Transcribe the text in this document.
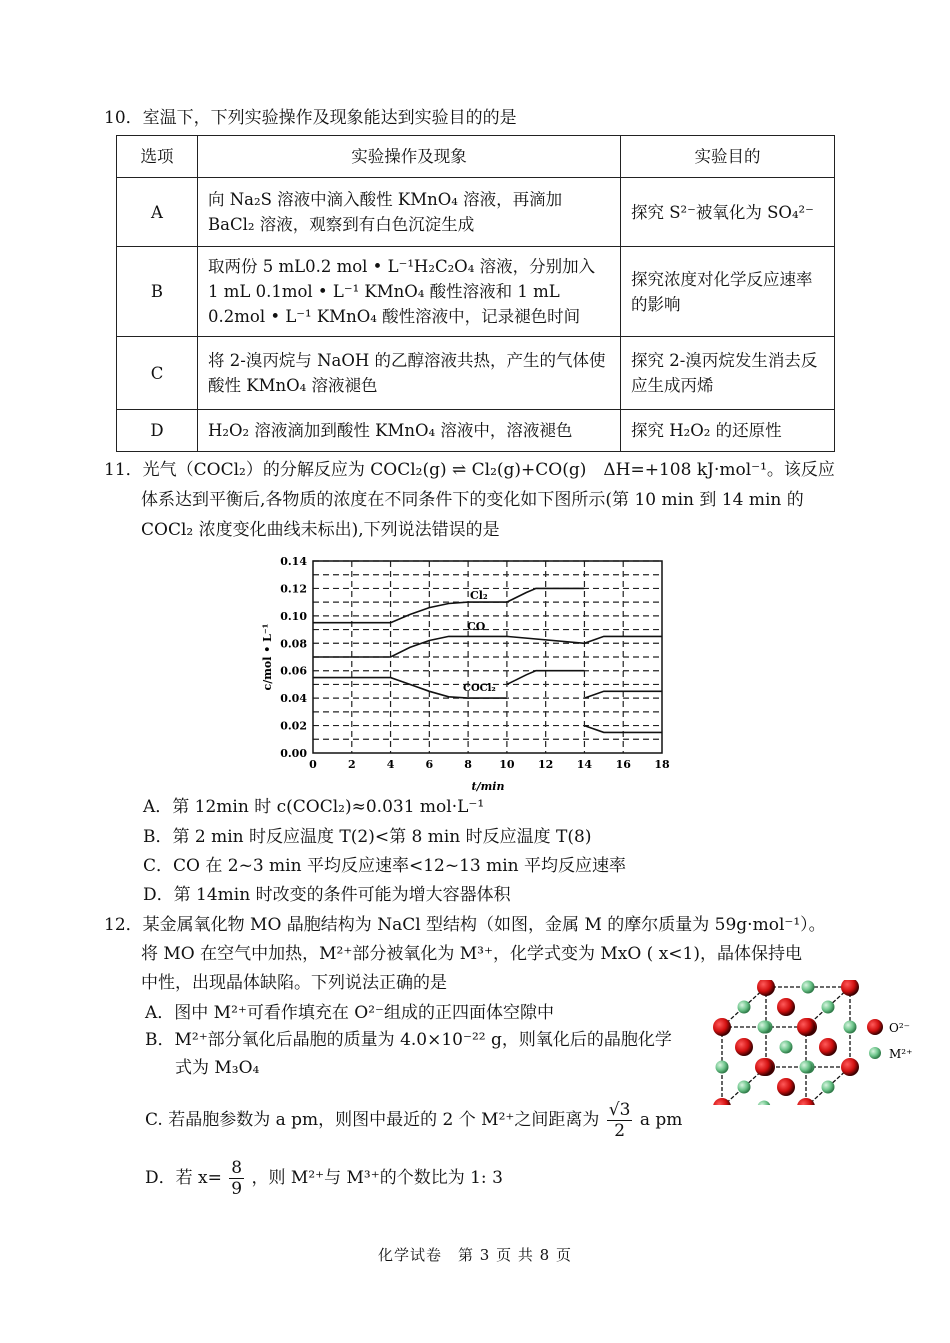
10．室温下，下列实验操作及现象能达到实验目的的是
选项	实验操作及现象	实验目的
A	向 Na₂S 溶液中滴入酸性 KMnO₄ 溶液，再滴加 BaCl₂ 溶液，观察到有白色沉淀生成	探究 S²⁻被氧化为 SO₄²⁻
B	取两份 5 mL0.2 mol • L⁻¹H₂C₂O₄ 溶液，分别加入 1 mL 0.1mol • L⁻¹ KMnO₄ 酸性溶液和 1 mL 0.2mol • L⁻¹ KMnO₄ 酸性溶液中，记录褪色时间	探究浓度对化学反应速率的影响
C	将 2-溴丙烷与 NaOH 的乙醇溶液共热，产生的气体使酸性 KMnO₄ 溶液褪色	探究 2-溴丙烷发生消去反应生成丙烯
D	H₂O₂ 溶液滴加到酸性 KMnO₄ 溶液中，溶液褪色	探究 H₂O₂ 的还原性
11．光气（COCl₂）的分解反应为 COCl₂(g) ⇌ Cl₂(g)+CO(g)　ΔH=+108 kJ·mol⁻¹。该反应
体系达到平衡后,各物质的浓度在不同条件下的变化如下图所示(第 10 min 到 14 min 的
COCl₂ 浓度变化曲线未标出),下列说法错误的是
0.00
0.02
0.04
0.06
0.08
0.10
0.12
0.14
0	2	4	6	8 10 12 14 16 18
c/mol • L⁻¹
t/min
Cl₂
CO
COCl₂
A．第 12min 时 c(COCl₂)≈0.031 mol·L⁻¹
B．第 2 min 时反应温度 T(2)<第 8 min 时反应温度 T(8)
C．CO 在 2~3 min 平均反应速率<12~13 min 平均反应速率
D．第 14min 时改变的条件可能为增大容器体积
12．某金属氧化物 MO 晶胞结构为 NaCl 型结构（如图，金属 M 的摩尔质量为 59g·mol⁻¹）。
将 MO 在空气中加热，M²⁺部分被氧化为 M³⁺，化学式变为 MxO ( x<1)，晶体保持电
中性，出现晶体缺陷。下列说法正确的是
A．图中 M²⁺可看作填充在 O²⁻组成的正四面体空隙中
B．M²⁺部分氧化后晶胞的质量为 4.0×10⁻²² g，则氧化后的晶胞化学
式为 M₃O₄
C. 若晶胞参数为 a pm，则图中最近的 2 个 M²⁺之间距离为 $\frac{√3}{2}$ a pm
D．若 $x= \frac{8}{9}$ ，则 M²⁺与 M³⁺的个数比为 1: 3
O²⁻
M²⁺
化学试卷　第 3 页 共 8 页
